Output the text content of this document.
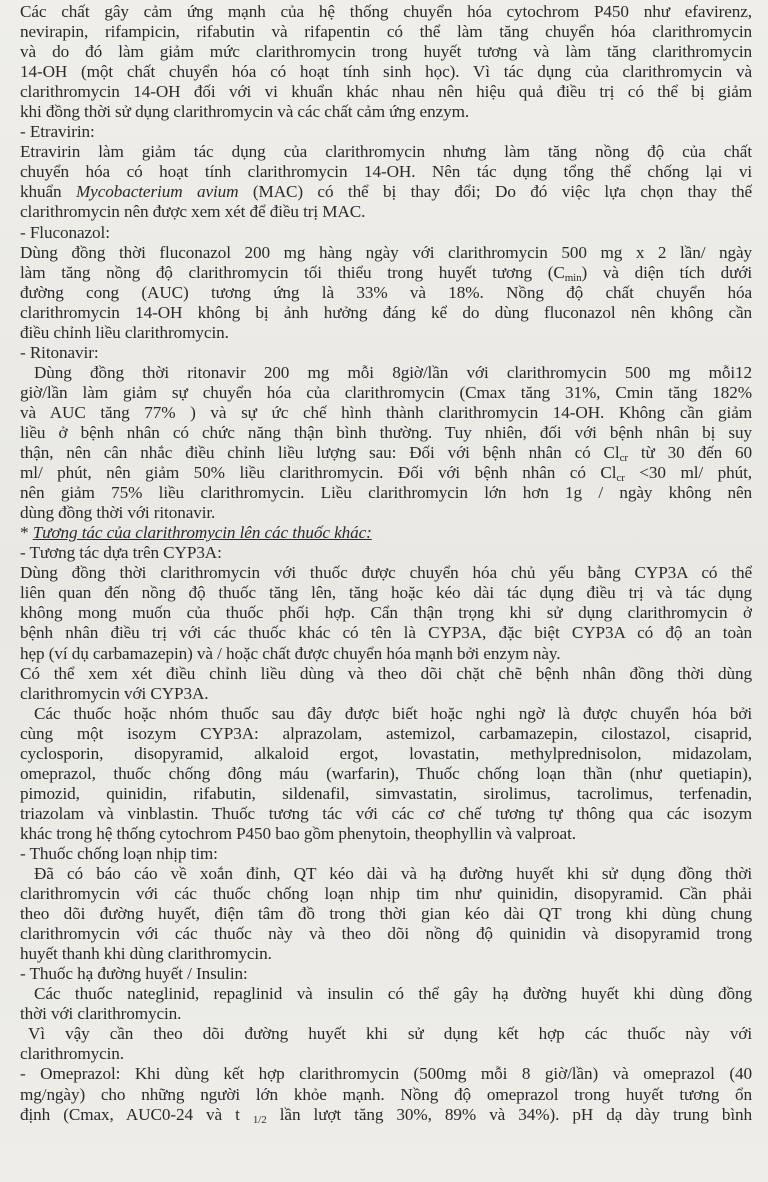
Các chất gây cảm ứng mạnh của hệ thống chuyển hóa cytochrom P450 như efavirenz,
nevirapin, rifampicin, rifabutin và rifapentin có thể làm tăng chuyển hóa clarithromycin
và do đó làm giảm mức clarithromycin trong huyết tương và làm tăng clarithromycin
14-OH (một chất chuyển hóa có hoạt tính sinh học). Vì tác dụng của clarithromycin và
clarithromycin 14-OH đối với vi khuẩn khác nhau nên hiệu quả điều trị có thể bị giảm
khi đồng thời sử dụng clarithromycin và các chất cảm ứng enzym.
- Etravirin:
Etravirin làm giảm tác dụng của clarithromycin nhưng làm tăng nồng độ của chất
chuyển hóa có hoạt tính clarithromycin 14-OH. Nên tác dụng tổng thể chống lại vi
khuẩn Mycobacterium avium (MAC) có thể bị thay đổi; Do đó việc lựa chọn thay thế
clarithromycin nên được xem xét để điều trị MAC.
- Fluconazol:
Dùng đồng thời fluconazol 200 mg hàng ngày với clarithromycin 500 mg x 2 lần/ ngày
làm tăng nồng độ clarithromycin tối thiểu trong huyết tương $(C_{min})$ và diện tích dưới
đường cong (AUC) tương ứng là 33% và 18%. Nồng độ chất chuyển hóa
clarithromycin 14-OH không bị ảnh hưởng đáng kể do dùng fluconazol nên không cần
điều chỉnh liều clarithromycin.
- Ritonavir:
Dùng đồng thời ritonavir 200 mg mỗi 8giờ/lần với clarithromycin 500 mg mỗi12
giờ/lần làm giảm sự chuyển hóa của clarithromycin (Cmax tăng 31%, Cmin tăng 182%
và AUC tăng 77% ) và sự ức chế hình thành clarithromycin 14-OH. Không cần giảm
liều ở bệnh nhân có chức năng thận bình thường. Tuy nhiên, đối với bệnh nhân bị suy
thận, nên cân nhắc điều chỉnh liều lượng sau: Đối với bệnh nhân có $Cl_{cr}$ từ 30 đến 60
ml/ phút, nên giảm 50% liều clarithromycin. Đối với bệnh nhân có $Cl_{cr} <30$ ml/ phút,
nên giảm 75% liều clarithromycin. Liều clarithromycin lớn hơn 1g / ngày không nên
dùng đồng thời với ritonavir.
* Tương tác của clarithromycin lên các thuốc khác:
- Tương tác dựa trên CYP3A:
Dùng đồng thời clarithromycin với thuốc được chuyển hóa chủ yếu bằng CYP3A có thể
liên quan đến nồng độ thuốc tăng lên, tăng hoặc kéo dài tác dụng điều trị và tác dụng
không mong muốn của thuốc phối hợp. Cẩn thận trọng khi sử dụng clarithromycin ở
bệnh nhân điều trị với các thuốc khác có tên là CYP3A, đặc biệt CYP3A có độ an toàn
hẹp (ví dụ carbamazepin) và / hoặc chất được chuyển hóa mạnh bởi enzym này.
Có thể xem xét điều chỉnh liều dùng và theo dõi chặt chẽ bệnh nhân đồng thời dùng
clarithromycin với CYP3A.
Các thuốc hoặc nhóm thuốc sau đây được biết hoặc nghi ngờ là được chuyển hóa bởi
cùng một isozym CYP3A: alprazolam, astemizol, carbamazepin, cilostazol, cisaprid,
cyclosporin, disopyramid, alkaloid ergot, lovastatin, methylprednisolon, midazolam,
omeprazol, thuốc chống đông máu (warfarin), Thuốc chống loạn thần (như quetiapin),
pimozid, quinidin, rifabutin, sildenafil, simvastatin, sirolimus, tacrolimus, terfenadin,
triazolam và vinblastin. Thuốc tương tác với các cơ chế tương tự thông qua các isozym
khác trong hệ thống cytochrom P450 bao gồm phenytoin, theophyllin và valproat.
- Thuốc chống loạn nhịp tim:
Đã có báo cáo về xoắn đỉnh, QT kéo dài và hạ đường huyết khi sử dụng đồng thời
clarithromycin với các thuốc chống loạn nhịp tim như quinidin, disopyramid. Cần phải
theo dõi đường huyết, điện tâm đồ trong thời gian kéo dài QT trong khi dùng chung
clarithromycin với các thuốc này và theo dõi nồng độ quinidin và disopyramid trong
huyết thanh khi dùng clarithromycin.
- Thuốc hạ đường huyết / Insulin:
Các thuốc nateglinid, repaglinid và insulin có thể gây hạ đường huyết khi dùng đồng
thời với clarithromycin.
Vì vậy cần theo dõi đường huyết khi sử dụng kết hợp các thuốc này với
clarithromycin.
- Omeprazol: Khi dùng kết hợp clarithromycin (500mg mỗi 8 giờ/lần) và omeprazol (40
mg/ngày) cho những người lớn khỏe mạnh. Nồng độ omeprazol trong huyết tương ổn
định (Cmax, AUC0-24 và t $_{1/2}$ lần lượt tăng 30%, 89% và 34%). pH dạ dày trung bình
